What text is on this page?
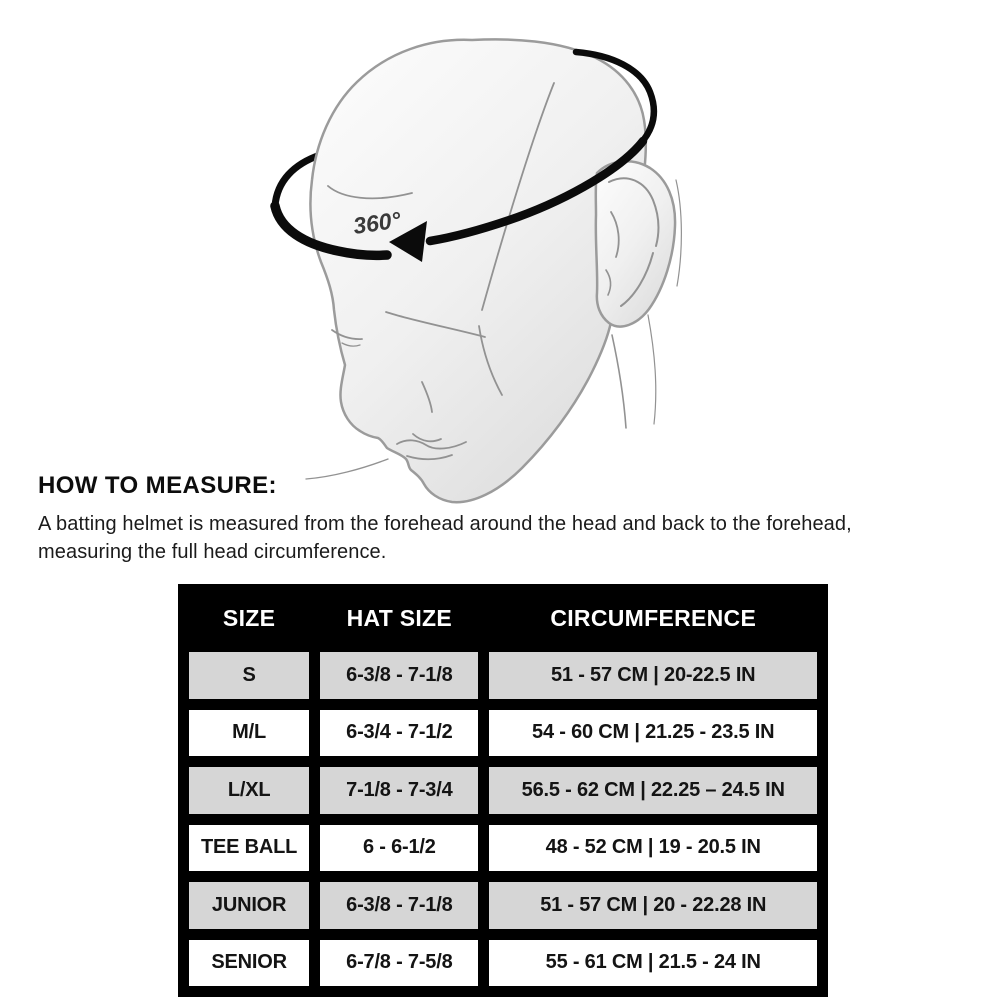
360°
HOW TO MEASURE:
A batting helmet is measured from the forehead around the head and back to the forehead, measuring the full head circumference.
SIZE	HAT SIZE	CIRCUMFERENCE
S	6-3/8 - 7-1/8	51 - 57 CM | 20-22.5 IN
M/L	6-3/4 - 7-1/2	54 - 60 CM | 21.25 - 23.5 IN
L/XL	7-1/8 - 7-3/4	56.5 - 62 CM | 22.25 – 24.5 IN
TEE BALL	6 - 6-1/2	48 - 52 CM | 19 - 20.5 IN
JUNIOR	6-3/8 - 7-1/8	51 - 57 CM | 20 - 22.28 IN
SENIOR	6-7/8 - 7-5/8	55 - 61 CM | 21.5 - 24 IN
